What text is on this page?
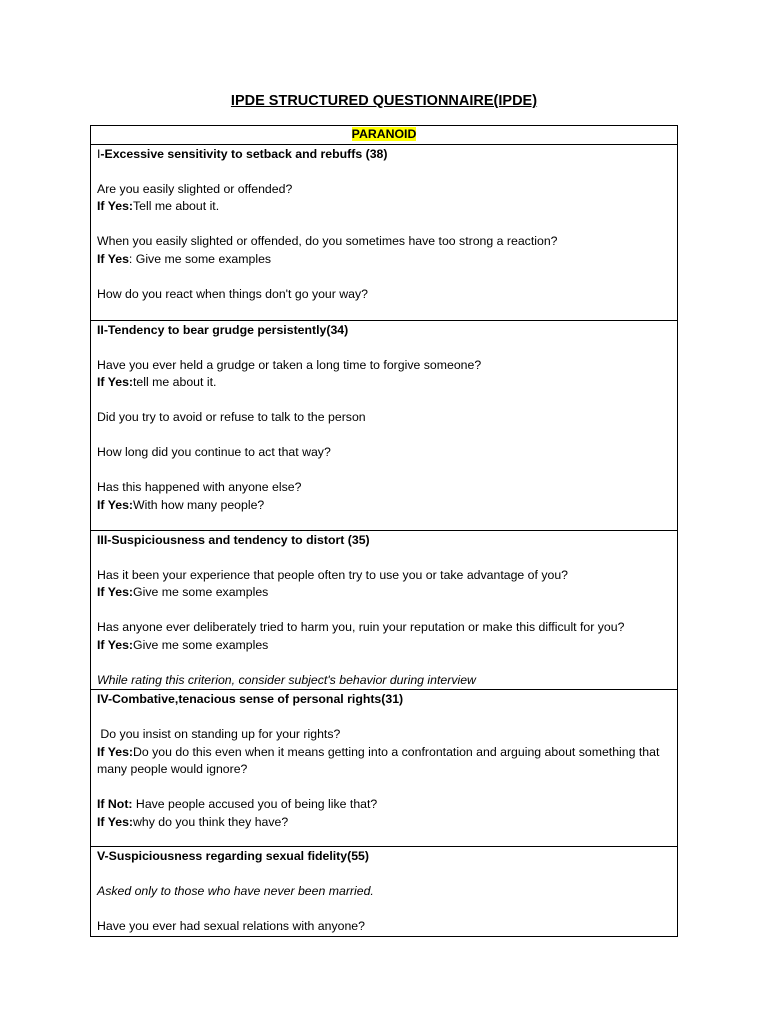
IPDE STRUCTURED QUESTIONNAIRE(IPDE)
PARANOID

I-Excessive sensitivity to setback and rebuffs (38)
Are you easily slighted or offended?
If Yes:Tell me about it.
When you easily slighted or offended, do you sometimes have too strong a reaction?
If Yes: Give me some examples
How do you react when things don't go your way?

II-Tendency to bear grudge persistently(34)
Have you ever held a grudge or taken a long time to forgive someone?
If Yes:tell me about it.
Did you try to avoid or refuse to talk to the person
How long did you continue to act that way?
Has this happened with anyone else?
If Yes:With how many people?

III-Suspiciousness and tendency to distort (35)
Has it been your experience that people often try to use you or take advantage of you?
If Yes:Give me some examples
Has anyone ever deliberately tried to harm you, ruin your reputation or make this difficult for you?
If Yes:Give me some examples
While rating this criterion, consider subject's behavior during interview

IV-Combative,tenacious sense of personal rights(31)
Do you insist on standing up for your rights?
If Yes:Do you do this even when it means getting into a confrontation and arguing about something that many people would ignore?
If Not: Have people accused you of being like that?
If Yes:why do you think they have?

V-Suspiciousness regarding sexual fidelity(55)
Asked only to those who have never been married.
Have you ever had sexual relations with anyone?
